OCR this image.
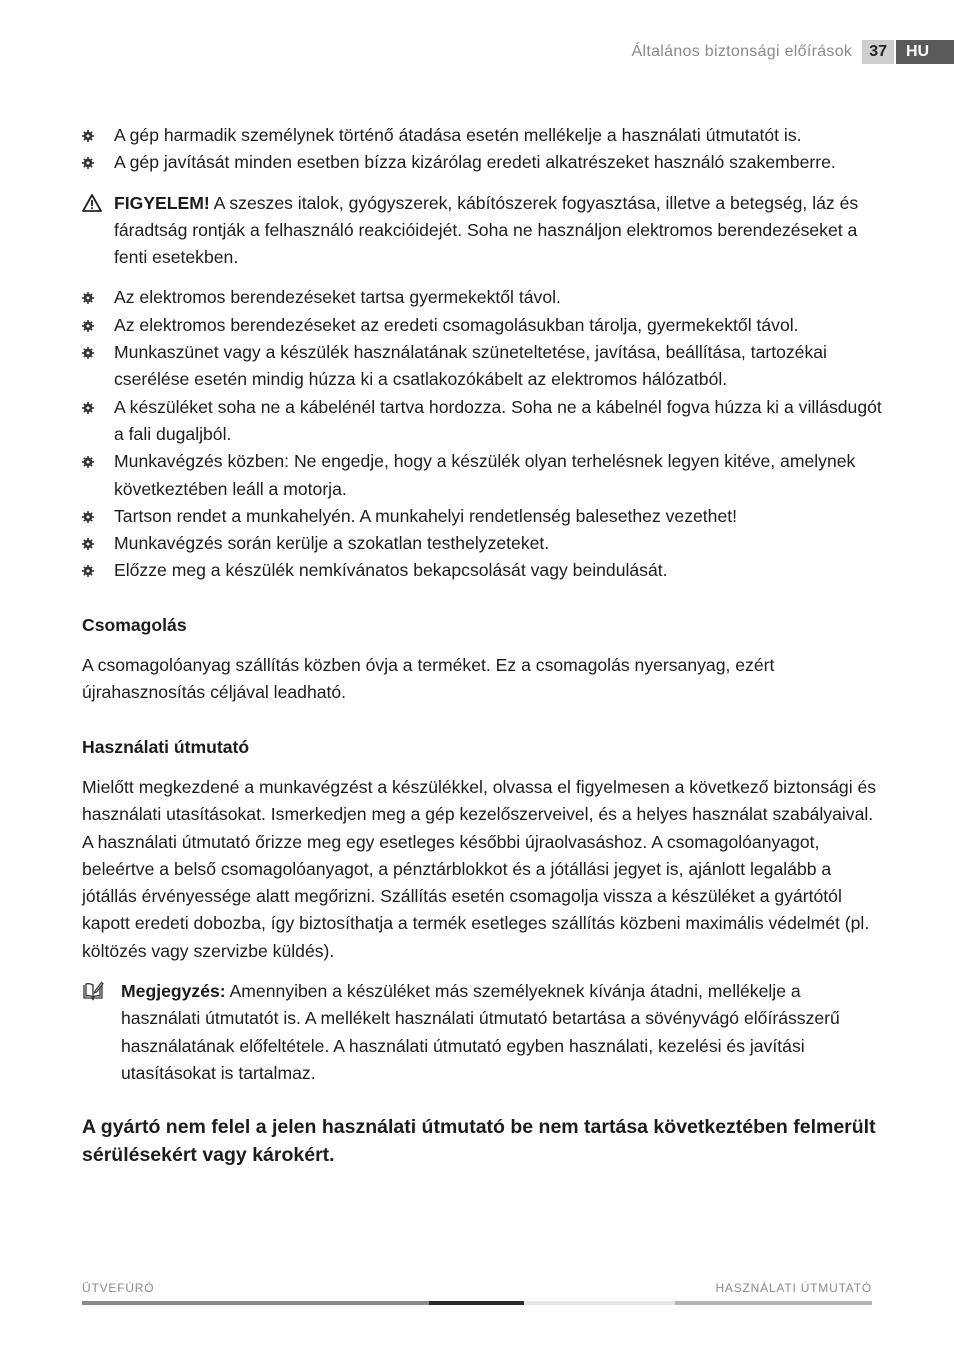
Általános biztonsági előírások	37	HU
A gép harmadik személynek történő átadása esetén mellékelje a használati útmutatót is.
A gép javítását minden esetben bízza kizárólag eredeti alkatrészeket használó szakemberre.
FIGYELEM! A szeszes italok, gyógyszerek, kábítószerek fogyasztása, illetve a betegség, láz és fáradtság rontják a felhasználó reakcióidejét. Soha ne használjon elektromos berendezéseket a fenti esetekben.
Az elektromos berendezéseket tartsa gyermekektől távol.
Az elektromos berendezéseket az eredeti csomagolásukban tárolja, gyermekektől távol.
Munkaszünet vagy a készülék használatának szüneteltetése, javítása, beállítása, tartozékai cserélése esetén mindig húzza ki a csatlakozókábelt az elektromos hálózatból.
A készüléket soha ne a kábelénél tartva hordozza. Soha ne a kábelnél fogva húzza ki a villásdugót a fali dugaljból.
Munkavégzés közben: Ne engedje, hogy a készülék olyan terhelésnek legyen kitéve, amelynek következtében leáll a motorja.
Tartson rendet a munkahelyén. A munkahelyi rendetlenség balesethez vezethet!
Munkavégzés során kerülje a szokatlan testhelyzeteket.
Előzze meg a készülék nemkívánatos bekapcsolását vagy beindulását.
Csomagolás

A csomagolóanyag szállítás közben óvja a terméket. Ez a csomagolás nyersanyag, ezért újrahasznosítás céljával leadható.

Használati útmutató

Mielőtt megkezdené a munkavégzést a készülékkel, olvassa el figyelmesen a következő biztonsági és használati utasításokat. Ismerkedjen meg a gép kezelőszerveivel, és a helyes használat szabályaival. A használati útmutató őrizze meg egy esetleges későbbi újraolvasáshoz. A csomagolóanyagot, beleértve a belső csomagolóanyagot, a pénztárblokkot és a jótállási jegyet is, ajánlott legalább a jótállás érvényessége alatt megőrizni. Szállítás esetén csomagolja vissza a készüléket a gyártótól kapott eredeti dobozba, így biztosíthatja a termék esetleges szállítás közbeni maximális védelmét (pl. költözés vagy szervizbe küldés).

Megjegyzés: Amennyiben a készüléket más személyeknek kívánja átadni, mellékelje a használati útmutatót is. A mellékelt használati útmutató betartása a sövényvágó előírásszerű használatának előfeltétele. A használati útmutató egyben használati, kezelési és javítási utasításokat is tartalmaz.

A gyártó nem felel a jelen használati útmutató be nem tartása következtében felmerült sérülésekért vagy károkért.

ÜTVEFÚRÓ	HASZNÁLATI ÚTMUTATÓ
